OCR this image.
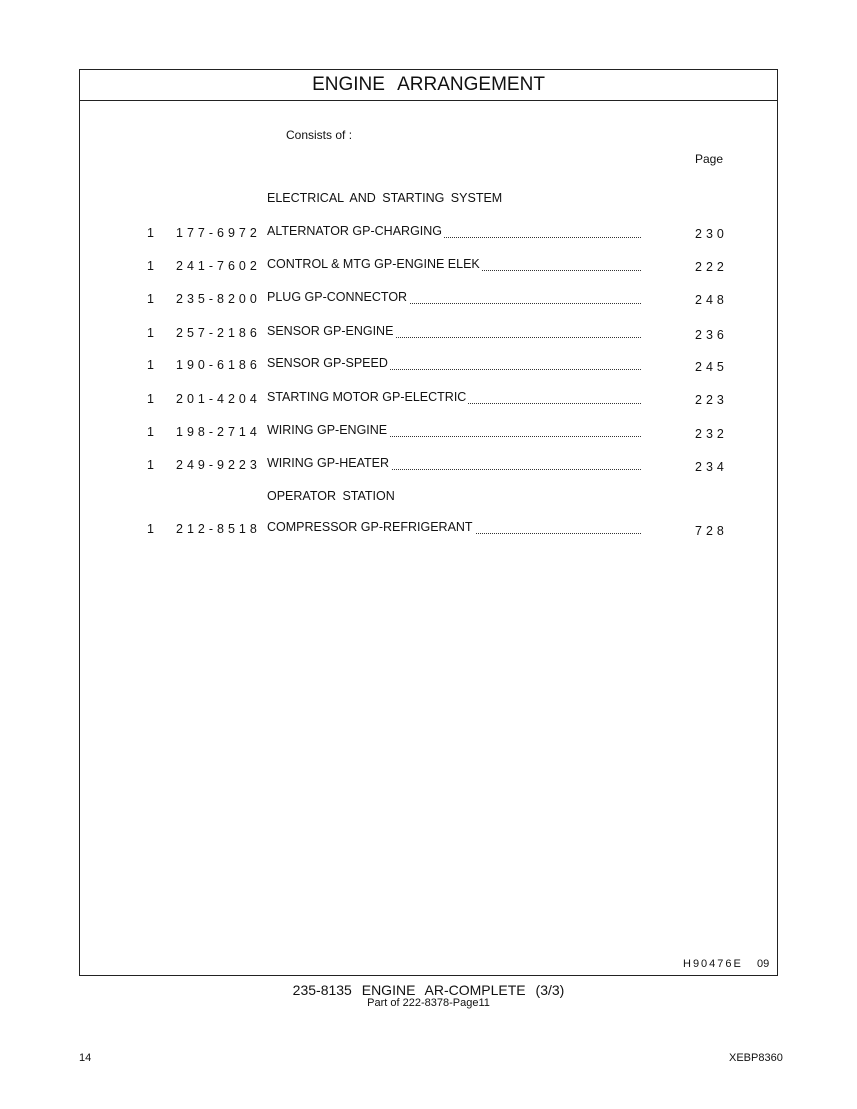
ENGINE ARRANGEMENT
Consists of :
Page
ELECTRICAL AND STARTING SYSTEM
1 177-6972 ALTERNATOR GP-CHARGING	230
1 241-7602 CONTROL & MTG GP-ENGINE ELEK	222
1 235-8200 PLUG GP-CONNECTOR	248
1 257-2186 SENSOR GP-ENGINE	236
1 190-6186 SENSOR GP-SPEED	245
1 201-4204 STARTING MOTOR GP-ELECTRIC	223
1 198-2714 WIRING GP-ENGINE	232
1 249-9223 WIRING GP-HEATER	234
OPERATOR STATION
1 212-8518 COMPRESSOR GP-REFRIGERANT	728
H90476E 09
235-8135 ENGINE AR-COMPLETE (3/3)
Part of 222-8378-Page11
14	XEBP8360
